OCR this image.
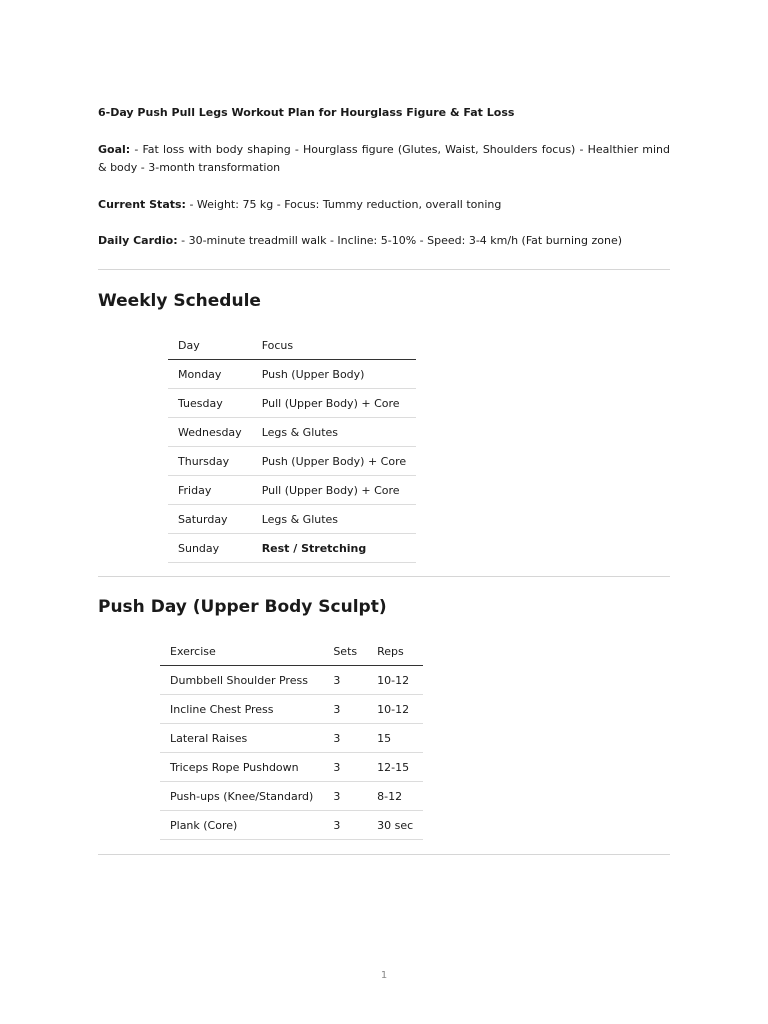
6-Day Push Pull Legs Workout Plan for Hourglass Figure & Fat Loss

Goal: - Fat loss with body shaping - Hourglass figure (Glutes, Waist, Shoulders focus) - Healthier mind & body - 3-month transformation

Current Stats: - Weight: 75 kg - Focus: Tummy reduction, overall toning

Daily Cardio: - 30-minute treadmill walk - Incline: 5-10% - Speed: 3-4 km/h (Fat burning zone)

Weekly Schedule
Push Day (Upper Body Sculpt)
Day	Focus
Monday	Push (Upper Body)
Tuesday	Pull (Upper Body) + Core
Wednesday	Legs & Glutes
Thursday	Push (Upper Body) + Core
Friday	Pull (Upper Body) + Core
Saturday	Legs & Glutes
Sunday	Rest / Stretching
Exercise	Sets	Reps
Dumbbell Shoulder Press	3	10-12
Incline Chest Press	3	10-12
Lateral Raises	3	15
Triceps Rope Pushdown	3	12-15
Push-ups (Knee/Standard)	3	8-12
Plank (Core)	3	30 sec
1
